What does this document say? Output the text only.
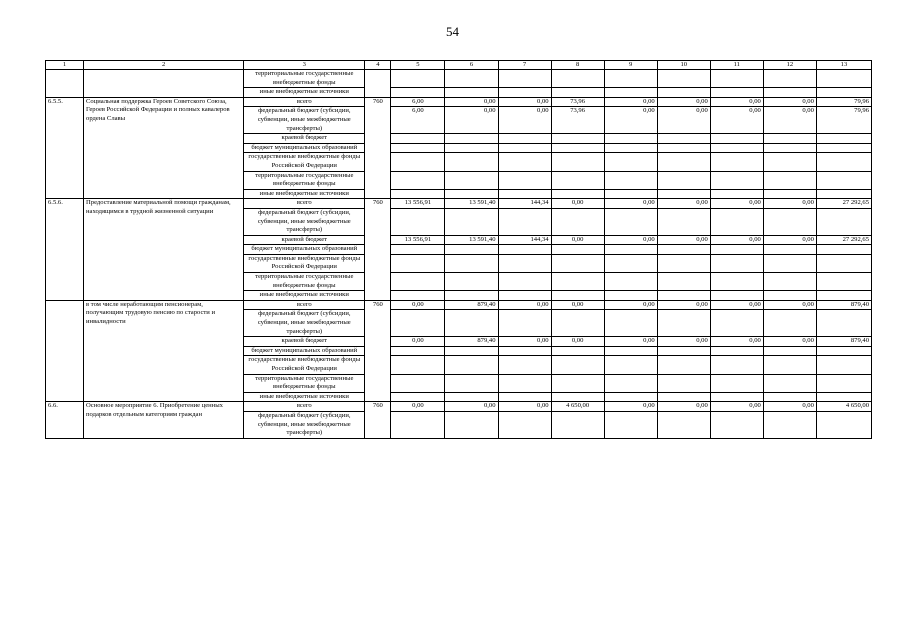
54
1	2	3	4	5	6	7	8	9	10	11	12	13
		территориальные государственные внебюджетные фонды										
		иные внебюджетные источники										
6.5.5.	Социальная поддержка Героев Советского Союза, Героев Российской Федерации и полных кавалеров ордена Славы	всего	760	6,00	0,00	0,00	73,96	0,00	0,00	0,00	0,00	79,96
		федеральный бюджет (субсидии, субвенции, иные межбюджетные трансферты)		6,00	0,00	0,00	73,96	0,00	0,00	0,00	0,00	79,96
		краевой бюджет										
		бюджет муниципальных образований										
		государственные внебюджетные фонды Российской Федерации										
		территориальные государственные внебюджетные фонды										
		иные внебюджетные источники										
6.5.6.	Предоставление материальной помощи гражданам, находящимся в трудной жизненной ситуации	всего	760	13 556,91	13 591,40	144,34	0,00	0,00	0,00	0,00	0,00	27 292,65
		федеральный бюджет (субсидии, субвенции, иные межбюджетные трансферты)										
		краевой бюджет		13 556,91	13 591,40	144,34	0,00	0,00	0,00	0,00	0,00	27 292,65
		бюджет муниципальных образований										
		государственные внебюджетные фонды Российской Федерации										
		территориальные государственные внебюджетные фонды										
		иные внебюджетные источники										
	в том числе неработающим пенсионерам, получающим трудовую пенсию по старости и инвалидности	всего	760	0,00	879,40	0,00	0,00	0,00	0,00	0,00	0,00	879,40
		федеральный бюджет (субсидии, субвенции, иные межбюджетные трансферты)										
		краевой бюджет		0,00	879,40	0,00	0,00	0,00	0,00	0,00	0,00	879,40
		бюджет муниципальных образований										
		государственные внебюджетные фонды Российской Федерации										
		территориальные государственные внебюджетные фонды										
		иные внебюджетные источники										
6.6.	Основное мероприятие 6. Приобретение ценных подарков отдельным категориям граждан	всего	760	0,00	0,00	0,00	4 650,00	0,00	0,00	0,00	0,00	4 650,00
		федеральный бюджет (субсидии, субвенции, иные межбюджетные трансферты)										
